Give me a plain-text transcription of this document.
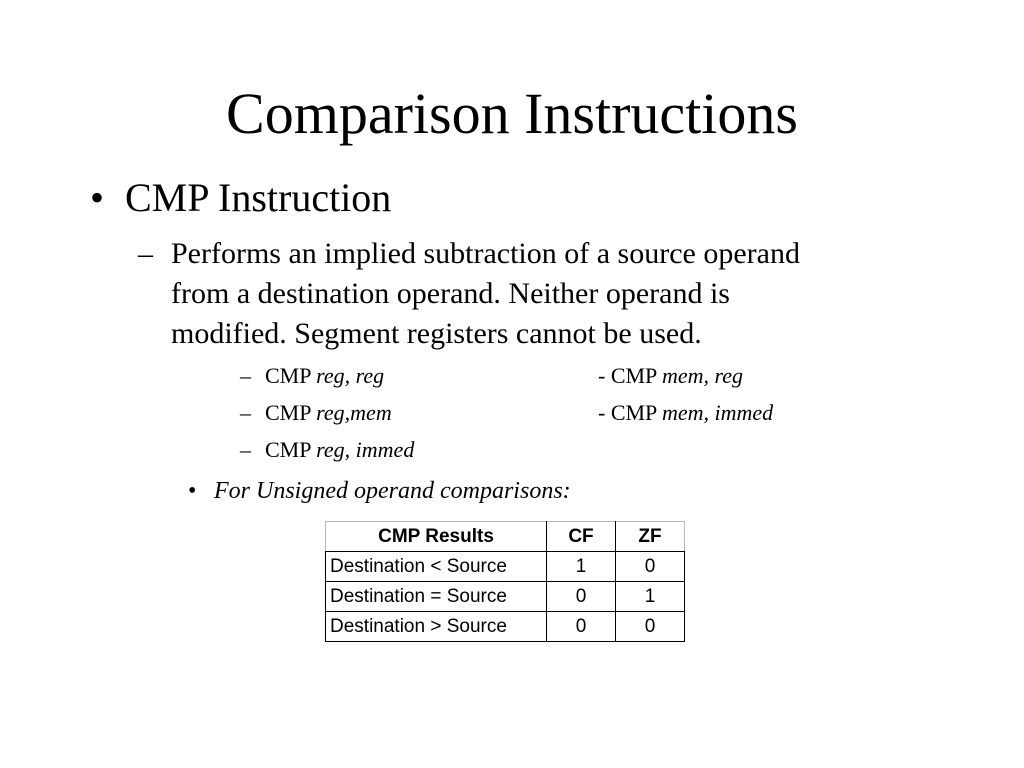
Comparison Instructions
• CMP Instruction
– Performs an implied subtraction of a source operand
from a destination operand. Neither operand is
modified. Segment registers cannot be used.
– CMP reg, reg	- CMP mem, reg
– CMP reg,mem	- CMP mem, immed
– CMP reg, immed
• For Unsigned operand comparisons:
CMP Results	CF	ZF
Destination < Source	1	0
Destination = Source	0	1
Destination > Source	0	0
